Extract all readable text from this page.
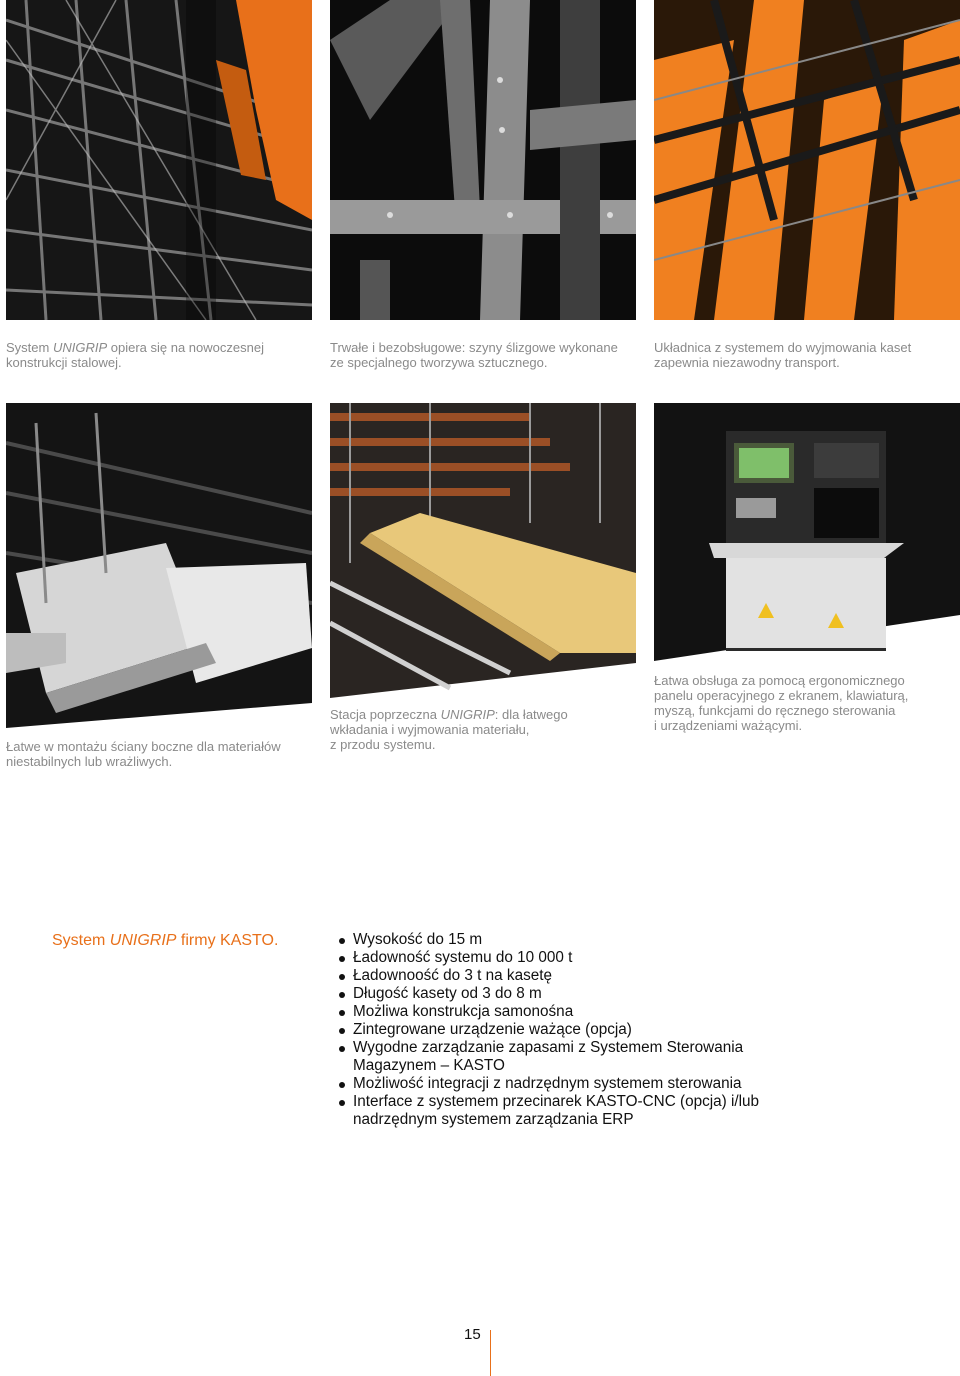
System UNIGRIP opiera się na nowoczesnej
konstrukcji stalowej.
Trwałe i bezobsługowe: szyny ślizgowe wykonane
ze specjalnego tworzywa sztucznego.
Układnica z systemem do wyjmowania kaset
zapewnia niezawodny transport.
Łatwe w montażu ściany boczne dla materiałów
niestabilnych lub wrażliwych.
Stacja poprzeczna UNIGRIP: dla łatwego
wkładania i wyjmowania materiału,
z przodu systemu.
Łatwa obsługa za pomocą ergonomicznego
panelu operacyjnego z ekranem, klawiaturą,
myszą, funkcjami do ręcznego sterowania
i urządzeniami ważącymi.
System UNIGRIP firmy KASTO.	Wysokość do 15 m
Ładowność systemu do 10 000 t
Ładownoość do 3 t na kasetę
Długość kasety od 3 do 8 m
Możliwa konstrukcja samonośna
Zintegrowane urządzenie ważące (opcja)
Wygodne zarządzanie zapasami z Systemem Sterowania Magazynem – KASTO
Możliwość integracji z nadrzędnym systemem sterowania
Interface z systemem przecinarek KASTO-CNC (opcja) i/lub nadrzędnym systemem zarządzania ERP
15
